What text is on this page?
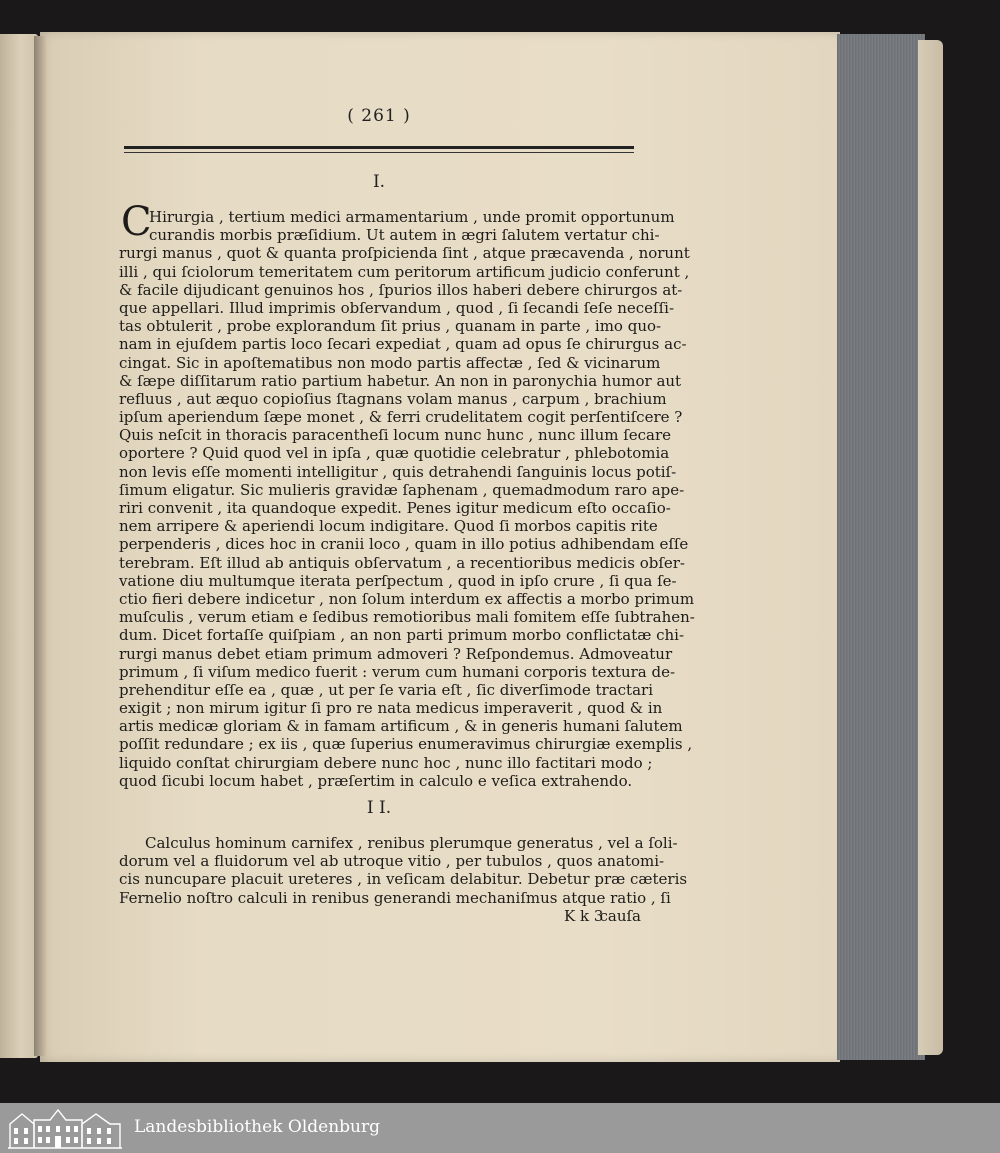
( 261 )
I.
C
Hirurgia , tertium medici armamentarium , unde promit opportunum
curandis morbis præſidium. Ut autem in ægri ſalutem vertatur chi-
rurgi manus , quot & quanta proſpicienda ſint , atque præcavenda , norunt
illi , qui ſciolorum temeritatem cum peritorum artificum judicio conferunt ,
& facile dijudicant genuinos hos , ſpurios illos haberi debere chirurgos at-
que appellari. Illud imprimis obſervandum , quod , ſi ſecandi ſeſe neceſſi-
tas obtulerit , probe explorandum ſit prius , quanam in parte , imo quo-
nam in ejuſdem partis loco ſecari expediat , quam ad opus ſe chirurgus ac-
cingat. Sic in apoſtematibus non modo partis affectæ , ſed & vicinarum
& ſæpe diſſitarum ratio partium habetur. An non in paronychia humor aut
refluus , aut æquo copioſius ſtagnans volam manus , carpum , brachium
ipſum aperiendum ſæpe monet , & ferri crudelitatem cogit perſentiſcere ?
Quis neſcit in thoracis paracentheſi locum nunc hunc , nunc illum ſecare
oportere ? Quid quod vel in ipſa , quæ quotidie celebratur , phlebotomia
non levis eſſe momenti intelligitur , quis detrahendi ſanguinis locus potiſ-
ſimum eligatur. Sic mulieris gravidæ ſaphenam , quemadmodum raro ape-
riri convenit , ita quandoque expedit. Penes igitur medicum eſto occaſio-
nem arripere & aperiendi locum indigitare. Quod ſi morbos capitis rite
perpenderis , dices hoc in cranii loco , quam in illo potius adhibendam eſſe
terebram. Eſt illud ab antiquis obſervatum , a recentioribus medicis obſer-
vatione diu multumque iterata perſpectum , quod in ipſo crure , ſi qua ſe-
ctio fieri debere indicetur , non ſolum interdum ex affectis a morbo primum
muſculis , verum etiam e ſedibus remotioribus mali fomitem eſſe ſubtrahen-
dum. Dicet fortaſſe quiſpiam , an non parti primum morbo conflictatæ chi-
rurgi manus debet etiam primum admoveri ? Reſpondemus. Admoveatur
primum , ſi viſum medico fuerit : verum cum humani corporis textura de-
prehenditur eſſe ea , quæ , ut per ſe varia eſt , ſic diverſimode tractari
exigit ; non mirum igitur ſi pro re nata medicus imperaverit , quod & in
artis medicæ gloriam & in famam artificum , & in generis humani ſalutem
poſſit redundare ; ex iis , quæ ſuperius enumeravimus chirurgiæ exemplis ,
liquido conſtat chirurgiam debere nunc hoc , nunc illo factitari modo ;
quod ſicubi locum habet , præſertim in calculo e veſica extrahendo.
I I.
Calculus hominum carnifex , renibus plerumque generatus , vel a ſoli-
dorum vel a fluidorum vel ab utroque vitio , per tubulos , quos anatomi-
cis nuncupare placuit ureteres , in veſicam delabitur. Debetur præ cæteris
Fernelio noſtro calculi in renibus generandi mechaniſmus atque ratio , ſi
K k 3
cauſa
Landesbibliothek Oldenburg
